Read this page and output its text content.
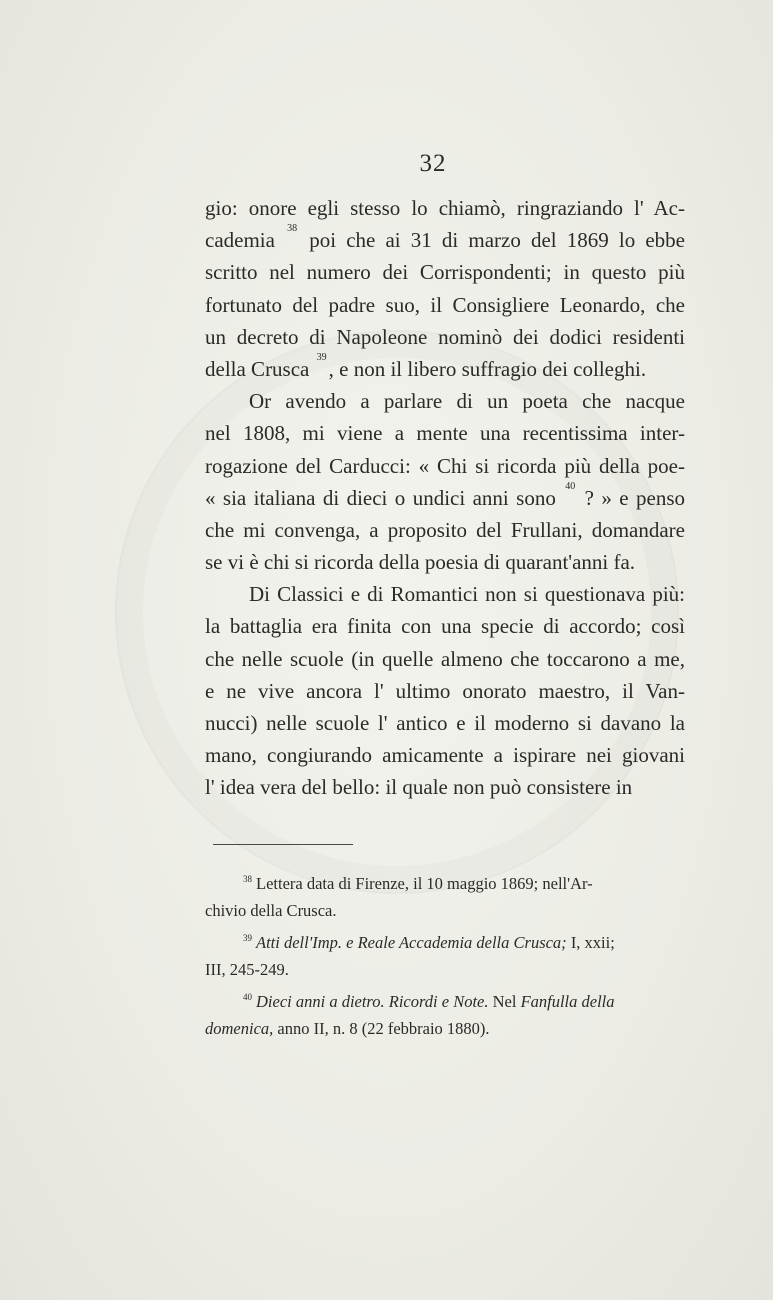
32
gio: onore egli stesso lo chiamò, ringraziando l' Ac-
cademia $^{38}$ poi che ai 31 di marzo del 1869 lo ebbe
scritto nel numero dei Corrispondenti; in questo più
fortunato del padre suo, il Consigliere Leonardo, che
un decreto di Napoleone nominò dei dodici residenti
della Crusca $^{39}$, e non il libero suffragio dei colleghi.
Or avendo a parlare di un poeta che nacque
nel 1808, mi viene a mente una recentissima inter-
rogazione del Carducci: « Chi si ricorda più della poe-
« sia italiana di dieci o undici anni sono $^{40}$ ? » e penso
che mi convenga, a proposito del Frullani, domandare
se vi è chi si ricorda della poesia di quarant'anni fa.
Di Classici e di Romantici non si questionava più:
la battaglia era finita con una specie di accordo; così
che nelle scuole (in quelle almeno che toccarono a me,
e ne vive ancora l' ultimo onorato maestro, il Van-
nucci) nelle scuole l' antico e il moderno si davano la
mano, congiurando amicamente a ispirare nei giovani
l' idea vera del bello: il quale non può consistere in
$^{38}$ Lettera data di Firenze, il 10 maggio 1869; nell'Ar-
chivio della Crusca.
$^{39}$ Atti dell'Imp. e Reale Accademia della Crusca; I, xxii;
III, 245-249.
$^{40}$ Dieci anni a dietro. Ricordi e Note. Nel Fanfulla della
domenica, anno II, n. 8 (22 febbraio 1880).
